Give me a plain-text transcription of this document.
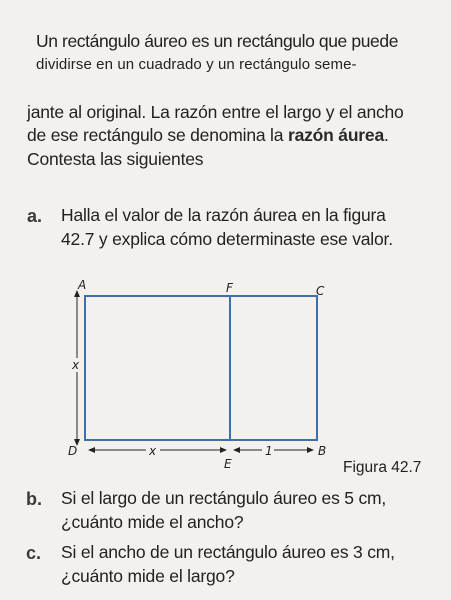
Un rectángulo áureo es un rectángulo que puede
dividirse en un cuadrado y un rectángulo seme-
jante al original. La razón entre el largo y el ancho
de ese rectángulo se denomina la razón áurea.
Contesta las siguientes
a. Halla el valor de la razón áurea en la figura
42.7 y explica cómo determinaste ese valor.
A	F	C
x
D	x
E
1	B
Figura 42.7
b. Si el largo de un rectángulo áureo es 5 cm,
¿cuánto mide el ancho?
c. Si el ancho de un rectángulo áureo es 3 cm,
¿cuánto mide el largo?
